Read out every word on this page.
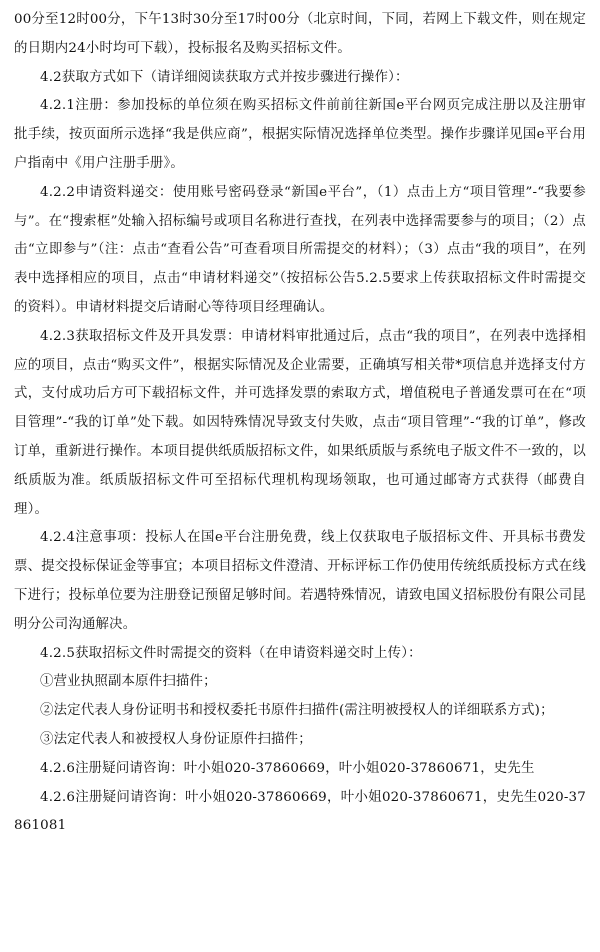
00分至12时00分，下午13时30分至17时00分（北京时间，下同，若网上下载文件，则在规定的日期内24小时均可下载），投标报名及购买招标文件。

4.2获取方式如下（请详细阅读获取方式并按步骤进行操作）：

4.2.1注册：参加投标的单位须在购买招标文件前前往新国e平台网页完成注册以及注册审批手续，按页面所示选择“我是供应商”，根据实际情况选择单位类型。操作步骤详见国e平台用户指南中《用户注册手册》。

4.2.2申请资料递交：使用账号密码登录“新国e平台”，（1）点击上方“项目管理”-“我要参与”。在“搜索框”处输入招标编号或项目名称进行查找，在列表中选择需要参与的项目；（2）点击“立即参与”（注：点击“查看公告”可查看项目所需提交的材料）；（3）点击“我的项目”，在列表中选择相应的项目，点击“申请材料递交”（按招标公告5.2.5要求上传获取招标文件时需提交的资料）。申请材料提交后请耐心等待项目经理确认。

4.2.3获取招标文件及开具发票：申请材料审批通过后，点击“我的项目”，在列表中选择相应的项目，点击“购买文件”，根据实际情况及企业需要，正确填写相关带*项信息并选择支付方式，支付成功后方可下载招标文件，并可选择发票的索取方式，增值税电子普通发票可在在“项目管理”-“我的订单”处下载。如因特殊情况导致支付失败，点击“项目管理”-“我的订单”，修改订单，重新进行操作。本项目提供纸质版招标文件，如果纸质版与系统电子版文件不一致的，以纸质版为准。纸质版招标文件可至招标代理机构现场领取，也可通过邮寄方式获得（邮费自理）。

4.2.4注意事项：投标人在国e平台注册免费，线上仅获取电子版招标文件、开具标书费发票、提交投标保证金等事宜；本项目招标文件澄清、开标评标工作仍使用传统纸质投标方式在线下进行；投标单位要为注册登记预留足够时间。若遇特殊情况，请致电国义招标股份有限公司昆明分公司沟通解决。

4.2.5获取招标文件时需提交的资料（在申请资料递交时上传）：

①营业执照副本原件扫描件；

②法定代表人身份证明书和授权委托书原件扫描件(需注明被授权人的详细联系方式)；

③法定代表人和被授权人身份证原件扫描件；

4.2.6注册疑问请咨询：叶小姐020-37860669，叶小姐020-37860671，史先生

4.2.6注册疑问请咨询：叶小姐020-37860669，叶小姐020-37860671，史先生020-37861081
